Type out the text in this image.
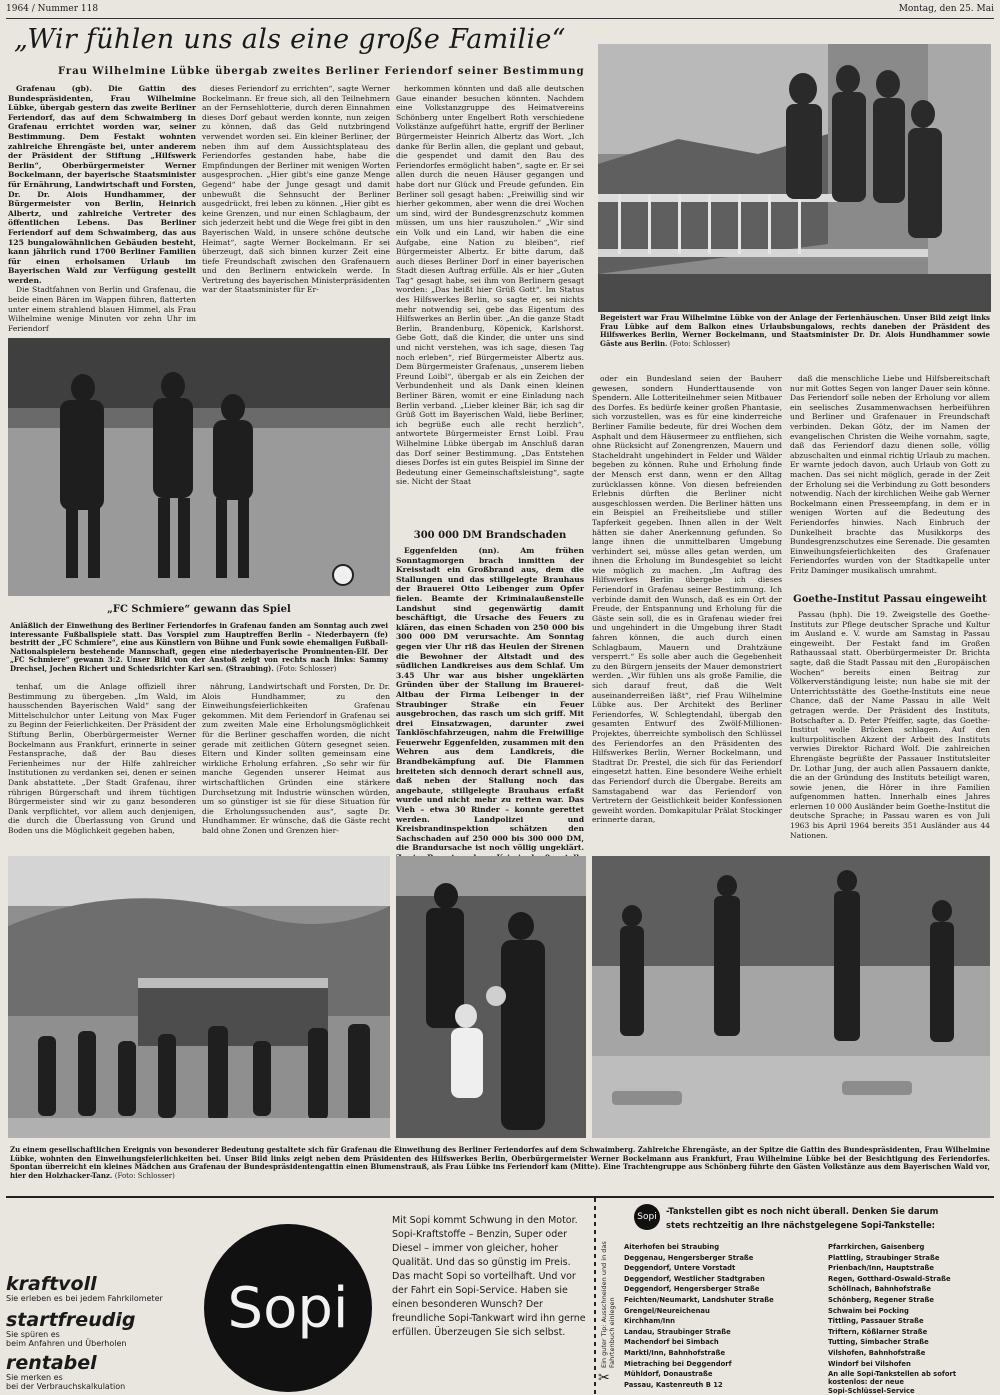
1964 / Nummer 118	Montag, den 25. Mai
„Wir fühlen uns als eine große Familie“
Frau Wilhelmine Lübke übergab zweites Berliner Feriendorf seiner Bestimmung

Grafenau (gb). Die Gattin des Bundespräsidenten, Frau Wilhelmine Lübke, übergab gestern das zweite Berliner Feriendorf, das auf dem Schwaimberg in Grafenau errichtet worden war, seiner Bestimmung. Dem Festakt wohnten zahlreiche Ehrengäste bei, unter anderem der Präsident der Stiftung „Hilfswerk Berlin“, Oberbürgermeister Werner Bockelmann, der bayerische Staatsminister für Ernährung, Landwirtschaft und Forsten, Dr. Dr. Alois Hundhammer, der Bürgermeister von Berlin, Heinrich Albertz, und zahlreiche Vertreter des öffentlichen Lebens. Das Berliner Feriendorf auf dem Schwaimberg, das aus 125 bungalowähnlichen Gebäuden besteht, kann jährlich rund 1700 Berliner Familien für einen erholsamen Urlaub im Bayerischen Wald zur Verfügung gestellt werden.

Die Stadtfahnen von Berlin und Grafenau, die beide einen Bären im Wappen führen, flatterten unter einem strahlend blauen Himmel, als Frau Wilhelmine wenige Minuten vor zehn Uhr im Feriendorf

dieses Feriendorf zu errichten“, sagte Werner Bockelmann. Er freue sich, all den Teilnehmern an der Fernsehlotterie, durch deren Einnahmen dieses Dorf gebaut werden konnte, nun zeigen zu können, daß das Geld nutzbringend verwendet worden sei. Ein kleiner Berliner, der neben ihm auf dem Aussichtsplateau des Feriendorfes gestanden habe, habe die Empfindungen der Berliner mit wenigen Worten ausgesprochen. „Hier gibt's eine ganze Menge Gegend“ habe der Junge gesagt und damit unbewußt die Sehnsucht der Berliner ausgedrückt, frei leben zu können. „Hier gibt es keine Grenzen, und nur einen Schlagbaum, der sich jederzeit hebt und die Wege frei gibt in den Bayerischen Wald, in unsere schöne deutsche Heimat“, sagte Werner Bockelmann. Er sei überzeugt, daß sich binnen kurzer Zeit eine tiefe Freundschaft zwischen den Grafenauern und den Berlinern entwickeln werde. In Vertretung des bayerischen Ministerpräsidenten war der Staatsminister für Er-

herkommen könnten und daß alle deutschen Gaue einander besuchen könnten. Nachdem eine Volkstanzgruppe des Heimatvereins Schönberg unter Engelbert Roth verschiedene Volkstänze aufgeführt hatte, ergriff der Berliner Bürgermeister Heinrich Albertz das Wort. „Ich danke für Berlin allen, die geplant und gebaut, die gespendet und damit den Bau des Feriendorfes ermöglicht haben“, sagte er. Er sei allen durch die neuen Häuser gegangen und habe dort nur Glück und Freude gefunden. Ein Berliner soll gesagt haben: „Freiwillig sind wir hierher gekommen, aber wenn die drei Wochen um sind, wird der Bundesgrenzschutz kommen müssen, um uns hier rauszuholen.“ „Wir sind ein Volk und ein Land, wir haben die eine Aufgabe, eine Nation zu bleiben“, rief Bürgermeister Albertz. Er bitte darum, daß auch dieses Berliner Dorf in einer bayerischen Stadt diesen Auftrag erfülle. Als er hier „Guten Tag“ gesagt habe, sei ihm von Berlinern gesagt worden: „Das heißt hier Grüß Gott“. Im Status des Hilfswerkes Berlin, so sagte er, sei nichts mehr notwendig sei, gebe das Eigentum des Hilfswerkes an Berlin über. „An die ganze Stadt Berlin, Brandenburg, Köpenick, Karlshorst. Gebe Gott, daß die Kinder, die unter uns sind und nicht verstehen, was ich sage, diesen Tag noch erleben“, rief Bürgermeister Albertz aus. Dem Bürgermeister Grafenaus, „unserem lieben Freund Loibl“, übergab er als ein Zeichen der Verbundenheit und als Dank einen kleinen Berliner Bären, womit er eine Einladung nach Berlin verband. „Lieber kleiner Bär, ich sag dir Grüß Gott im Bayerischen Wald, liebe Berliner, ich begrüße euch alle recht herzlich“, antwortete Bürgermeister Ernst Loibl. Frau Wilhelmine Lübke übergab im Anschluß daran das Dorf seiner Bestimmung. „Das Entstehen dieses Dorfes ist ein gutes Beispiel im Sinne der Bedeutung einer Gemeinschaftsleistung“, sagte sie. Nicht der Staat

Begeistert war Frau Wilhelmine Lübke von der Anlage der Ferienhäuschen. Unser Bild zeigt links Frau Lübke auf dem Balkon eines Urlaubsbungalows, rechts daneben der Präsident des Hilfswerkes Berlin, Werner Bockelmann, und Staatsminister Dr. Dr. Alois Hundhammer sowie Gäste aus Berlin. (Foto: Schlosser)
„FC Schmiere“ gewann das Spiel
Anläßlich der Einweihung des Berliner Feriendorfes in Grafenau fanden am Sonntag auch zwei interessante Fußballspiele statt. Das Vorspiel zum Hauptreffen Berlin – Niederbayern (fe) bestritt der „FC Schmiere“, eine aus Künstlern von Bühne und Funk sowie ehemaligen Fußball-Nationalspielern bestehende Mannschaft, gegen eine niederbayerische Prominenten-Elf. Der „FC Schmiere“ gewann 3:2. Unser Bild von der Anstoß zeigt von rechts nach links: Sammy Drechsel, Jochen Richert und Schiedsrichter Karl sen. (Straubing). (Foto: Schlosser)
300 000 DM Brandschaden

Eggenfelden (nn). Am frühen Sonntagmorgen brach inmitten der Kreisstadt ein Großbrand aus, dem die Stallungen und das stillgelegte Brauhaus der Brauerei Otto Leibenger zum Opfer fielen. Beamte der Kriminalaußenstelle Landshut sind gegenwärtig damit beschäftigt, die Ursache des Feuers zu klären, das einen Schaden von 250 000 bis 300 000 DM verursachte. Am Sonntag gegen vier Uhr riß das Heulen der Sirenen die Bewohner der Altstadt und des südlichen Landkreises aus dem Schlaf. Um 3.45 Uhr war aus bisher ungeklärten Gründen über der Stallung im Brauerei-Altbau der Firma Leibenger in der Straubinger Straße ein Feuer ausgebrochen, das rasch um sich griff. Mit drei Einsatzwagen, darunter zwei Tanklöschfahrzeugen, nahm die Freiwillige Feuerwehr Eggenfelden, zusammen mit den Wehren aus dem Landkreis, die Brandbekämpfung auf. Die Flammen breiteten sich dennoch derart schnell aus, daß neben der Stallung noch das angebaute, stillgelegte Brauhaus erfaßt wurde und nicht mehr zu retten war. Das Vieh – etwa 30 Rinder – konnte gerettet werden. Landpolizei und Kreisbrandinspektion schätzen den Sachschaden auf 250 000 bis 300 000 DM, die Brandursache ist noch völlig ungeklärt.

oder ein Bundesland seien der Bauherr gewesen, sondern Hunderttausende von Spendern. Alle Lotteriteilnehmer seien Mitbauer des Dorfes. Es bedürfe keiner großen Phantasie, sich vorzustellen, was es für eine kinderreiche Berliner Familie bedeute, für drei Wochen dem Asphalt und dem Häusermeer zu entfliehen, sich ohne Rücksicht auf Zonengrenzen, Mauern und Stacheldraht ungehindert in Felder und Wälder begeben zu können. Ruhe und Erholung finde der Mensch erst dann, wenn er den Alltag zurücklassen könne. Von diesen befreienden Erlebnis dürften die Berliner nicht ausgeschlossen werden. Die Berliner hätten uns ein Beispiel an Freiheitsliebe und stiller Tapferkeit gegeben. Ihnen allen in der Welt hätten sie daher Anerkennung gefunden. So lange ihnen die unmittelbaren Umgebung verhindert sei, müsse alles getan werden, um ihnen die Erholung im Bundesgebiet so leicht wie möglich zu machen. „Im Auftrag des Hilfswerkes Berlin übergebe ich dieses Feriendorf in Grafenau seiner Bestimmung. Ich verbinde damit den Wunsch, daß es ein Ort der Freude, der Entspannung und Erholung für die Gäste sein soll, die es in Grafenau wieder frei und ungehindert in die Umgebung ihrer Stadt fahren können, die auch durch einen Schlagbaum, Mauern und Drahtzäune versperrt.“ Es solle aber auch die Gegebenheit zu den Bürgern jenseits der Mauer demonstriert werden. „Wir fühlen uns als große Familie, die sich darauf freut, daß die Welt auseinanderreißen läßt“, rief Frau Wilhelmine Lübke aus. Der Architekt des Berliner Feriendorfes, W. Schlegtendahl, übergab den gesamten Entwurf des Zwölf-Millionen-Projektes, überreichte symbolisch den Schlüssel des Feriendorfes an den Präsidenten des Hilfswerkes Berlin, Werner Bockelmann, und Stadtrat Dr. Prestel, die sich für das Feriendorf eingesetzt hatten. Eine besondere Weihe erhielt das Feriendorf durch die Übergabe. Bereits am Samstagabend war das Feriendorf von Vertretern der Geistlichkeit beider Konfessionen geweiht worden. Domkapitular Prälat Stockinger erinnerte daran,

daß die menschliche Liebe und Hilfsbereitschaft nur mit Gottes Segen von langer Dauer sein könne. Das Feriendorf solle neben der Erholung vor allem ein seelisches Zusammenwachsen herbeiführen und Berliner und Grafenauer in Freundschaft verbinden. Dekan Götz, der im Namen der evangelischen Christen die Weihe vornahm, sagte, daß das Feriendorf dazu dienen solle, völlig abzuschalten und einmal richtig Urlaub zu machen. Er warnte jedoch davon, auch Urlaub von Gott zu machen. Das sei nicht möglich, gerade in der Zeit der Erholung sei die Verbindung zu Gott besonders notwendig. Nach der kirchlichen Weihe gab Werner Bockelmann einen Presseempfang, in dem er in wenigen Worten auf die Bedeutung des Feriendorfes hinwies. Nach Einbruch der Dunkelheit brachte das Musikkorps des Bundesgrenzschutzes eine Serenade. Die gesamten Einweihungsfeierlichkeiten des Grafenauer Feriendorfes wurden von der Stadtkapelle unter Fritz Daminger musikalisch umrahmt.

Goethe-Institut Passau eingeweiht

Passau (hph). Die 19. Zweigstelle des Goethe-Instituts zur Pflege deutscher Sprache und Kultur im Ausland e. V. wurde am Samstag in Passau eingeweiht. Der Festakt fand im Großen Rathaussaal statt. Oberbürgermeister Dr. Brichta sagte, daß die Stadt Passau mit den „Europäischen Wochen“ bereits einen Beitrag zur Völkerverständigung leiste; nun habe sie mit der Unterrichtsstätte des Goethe-Instituts eine neue Chance, daß der Name Passau in alle Welt getragen werde. Der Präsident des Instituts, Botschafter a. D. Peter Pfeiffer, sagte, das Goethe-Institut wolle Brücken schlagen. Auf den kulturpolitischen Akzent der Arbeit des Instituts verwies Direktor Richard Wolf. Die zahlreichen Ehrengäste begrüßte der Passauer Institutsleiter Dr. Lothar Jung, der auch allen Passauern dankte, die an der Gründung des Instituts beteiligt waren, sowie jenen, die Hörer in ihre Familien aufgenommen hatten. Innerhalb eines Jahres erlernen 10 000 Ausländer beim Goethe-Institut die deutsche Sprache; in Passau waren es von Juli 1963 bis April 1964 bereits 351 Ausländer aus 44 Nationen.

tenhaf, um die Anlage offiziell ihrer Bestimmung zu übergeben. „Im Wald, im hausschenden Bayerischen Wald“ sang der Mittelschulchor unter Leitung von Max Fuger zu Beginn der Feierlichkeiten. Der Präsident der Stiftung Berlin, Oberbürgermeister Werner Bockelmann aus Frankfurt, erinnerte in seiner Festansprache, daß der Bau dieses Ferienheimes nur der Hilfe zahlreicher Institutionen zu verdanken sei, denen er seinen Dank abstattete. „Der Stadt Grafenau, ihrer rührigen Bürgerschaft und ihrem tüchtigen Bürgermeister sind wir zu ganz besonderen Dank verpflichtet, vor allem auch denjenigen, die durch die Überlassung von Grund und Boden uns die Möglichkeit gegeben haben,

nährung, Landwirtschaft und Forsten, Dr. Dr. Alois Hundhammer, zu den Einweihungsfeierlichkeiten Grafenau gekommen. Mit dem Feriendorf in Grafenau sei zum zweiten Male eine Erholungsmöglichkeit für die Berliner geschaffen worden, die nicht gerade mit zeitlichen Gütern gesegnet seien. Eltern und Kinder sollten gemeinsam eine wirkliche Erholung erfahren. „So sehr wir für manche Gegenden unserer Heimat aus wirtschaftlichen Gründen eine stärkere Durchsetzung mit Industrie wünschen würden, um so günstiger ist sie für diese Situation für die Erholungssuchenden aus“, sagte Dr. Hundhammer. Er wünsche, daß die Gäste recht bald ohne Zonen und Grenzen hier-

Zu einem gesellschaftlichen Ereignis von besonderer Bedeutung gestaltete sich für Grafenau die Einweihung des Berliner Feriendorfes auf dem Schwaimberg. Zahlreiche Ehrengäste, an der Spitze die Gattin des Bundespräsidenten, Frau Wilhelmine Lübke, wohnten den Einweihungsfeierlichkeiten bei. Unser Bild links zeigt neben dem Präsidenten des Hilfswerkes Berlin, Oberbürgermeister Werner Bockelmann aus Frankfurt, Frau Wilhelmine Lübke bei der Besichtigung des Feriendorfes. Spontan überreicht ein kleines Mädchen aus Grafenau der Bundespräsidentengattin einen Blumenstrauß, als Frau Lübke ins Feriendorf kam (Mitte). Eine Trachtengruppe aus Schönberg führte den Gästen Volkstänze aus dem Bayerischen Wald vor, hier den Holzhacker-Tanz. (Foto: Schlosser)
kraftvoll
Sie erleben es bei jedem Fahrkilometer
startfreudig
Sie spüren es
beim Anfahren und Überholen
rentabel
Sie merken es
bei der Verbrauchskalkulation
Sopi
Mit Sopi kommt Schwung in den Motor. Sopi-Kraftstoffe – Benzin, Super oder Diesel – immer von gleicher, hoher Qualität. Und das so günstig im Preis. Das macht Sopi so vorteilhaft. Und vor der Fahrt ein Sopi-Service. Haben sie einen besonderen Wunsch? Der freundliche Sopi-Tankwart wird ihn gerne erfüllen. Überzeugen Sie sich selbst.	Ein guter Tip: Ausschneiden und in das Fahrtenbuch einlegen
✂
Sopi
-Tankstellen gibt es noch nicht überall. Denken Sie darum
stets rechtzeitig an Ihre nächstgelegene Sopi-Tankstelle:
Aiterhofen bei Straubing
Deggenau, Hengersberger Straße
Deggendorf, Untere Vorstadt
Deggendorf, Westlicher Stadtgraben
Deggendorf, Hengersberger Straße
Feichten/Neumarkt, Landshuter Straße
Grengel/Neureichenau
Kirchham/Inn
Landau, Straubinger Straße
Machendorf bei Simbach
Marktl/Inn, Bahnhofstraße
Mietraching bei Deggendorf
Mühldorf, Donaustraße
Passau, Kastenreuth B 12
Pfarrkirchen, Gaisenberg
Plattling, Straubinger Straße
Prienbach/Inn, Hauptstraße
Regen, Gotthard-Oswald-Straße
Schöllnach, Bahnhofstraße
Schönberg, Regener Straße
Schwaim bei Pocking
Tittling, Passauer Straße
Triftern, Kößlarner Straße
Tutting, Simbacher Straße
Vilshofen, Bahnhofstraße
Windorf bei Vilshofen
An alle Sopi-Tankstellen ab sofort
kostenlos: der neue
Sopi-Schlüssel-Service
